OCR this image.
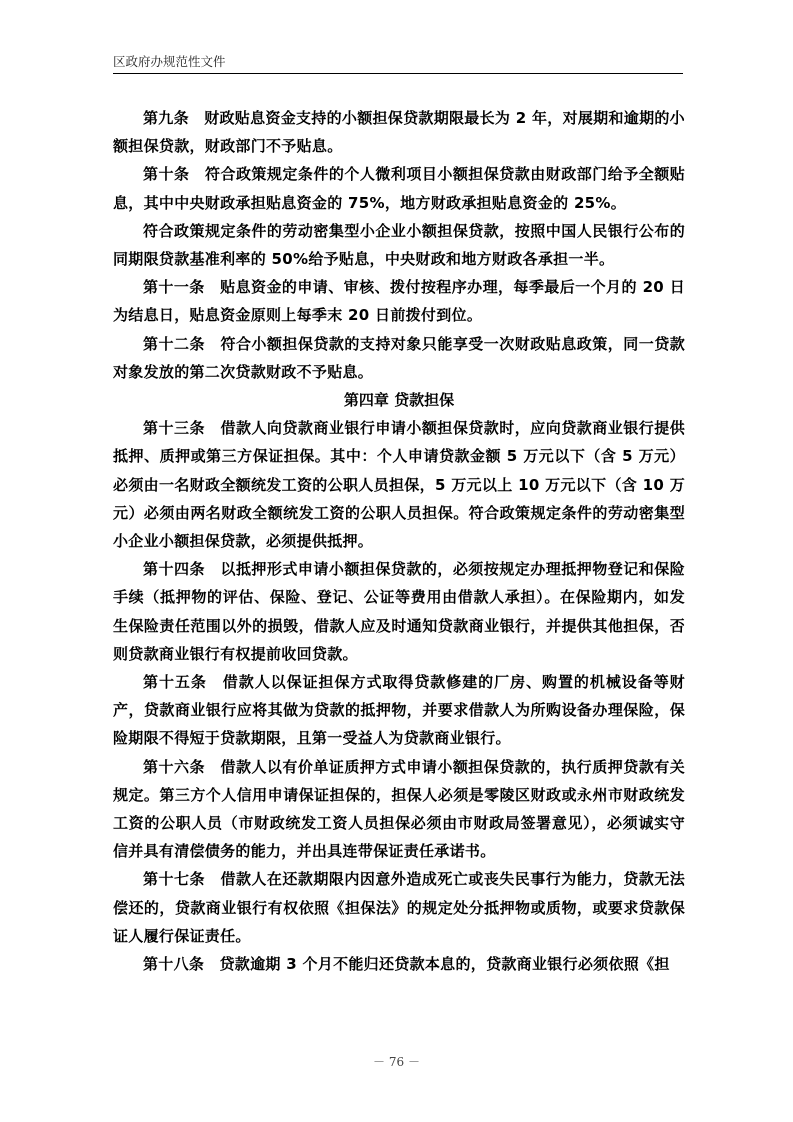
区政府办规范性文件

第九条　财政贴息资金支持的小额担保贷款期限最长为 2 年，对展期和逾期的小额担保贷款，财政部门不予贴息。

第十条　符合政策规定条件的个人微利项目小额担保贷款由财政部门给予全额贴息，其中中央财政承担贴息资金的 75%，地方财政承担贴息资金的 25%。

符合政策规定条件的劳动密集型小企业小额担保贷款，按照中国人民银行公布的同期限贷款基准利率的 50%给予贴息，中央财政和地方财政各承担一半。

第十一条　贴息资金的申请、审核、拨付按程序办理，每季最后一个月的 20 日为结息日，贴息资金原则上每季末 20 日前拨付到位。

第十二条　符合小额担保贷款的支持对象只能享受一次财政贴息政策，同一贷款对象发放的第二次贷款财政不予贴息。

第四章 贷款担保

第十三条　借款人向贷款商业银行申请小额担保贷款时，应向贷款商业银行提供抵押、质押或第三方保证担保。其中：个人申请贷款金额 5 万元以下（含 5 万元）必须由一名财政全额统发工资的公职人员担保，5 万元以上 10 万元以下（含 10 万元）必须由两名财政全额统发工资的公职人员担保。符合政策规定条件的劳动密集型小企业小额担保贷款，必须提供抵押。

第十四条　以抵押形式申请小额担保贷款的，必须按规定办理抵押物登记和保险手续（抵押物的评估、保险、登记、公证等费用由借款人承担）。在保险期内，如发生保险责任范围以外的损毁，借款人应及时通知贷款商业银行，并提供其他担保，否则贷款商业银行有权提前收回贷款。

第十五条　借款人以保证担保方式取得贷款修建的厂房、购置的机械设备等财产，贷款商业银行应将其做为贷款的抵押物，并要求借款人为所购设备办理保险，保险期限不得短于贷款期限，且第一受益人为贷款商业银行。

第十六条　借款人以有价单证质押方式申请小额担保贷款的，执行质押贷款有关规定。第三方个人信用申请保证担保的，担保人必须是零陵区财政或永州市财政统发工资的公职人员（市财政统发工资人员担保必须由市财政局签署意见），必须诚实守信并具有清偿债务的能力，并出具连带保证责任承诺书。

第十七条　借款人在还款期限内因意外造成死亡或丧失民事行为能力，贷款无法偿还的，贷款商业银行有权依照《担保法》的规定处分抵押物或质物，或要求贷款保证人履行保证责任。

第十八条　贷款逾期 3 个月不能归还贷款本息的，贷款商业银行必须依照《担

－ 76 －
